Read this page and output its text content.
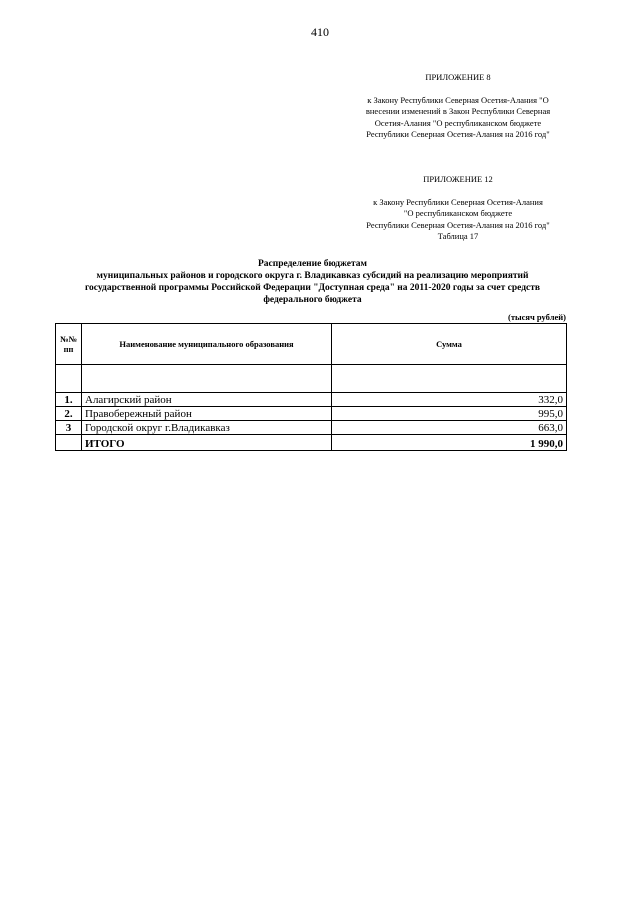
410
ПРИЛОЖЕНИЕ 8
к Закону Республики Северная Осетия-Алания "О
внесении изменений в Закон Республики Северная
Осетия-Алания "О республиканском бюджете
Республики Северная Осетия-Алания на 2016 год"
ПРИЛОЖЕНИЕ 12
к Закону Республики Северная Осетия-Алания
"О республиканском бюджете
Республики Северная Осетия-Алания на 2016 год"
Таблица 17
Распределение бюджетам
муниципальных районов и городского округа г. Владикавказ субсидий на реализацию мероприятий
государственной программы Российской Федерации "Доступная среда" на 2011-2020 годы за счет средств
федерального бюджета
(тысяч рублей)
№№ пп	Наименование муниципального образования	Сумма

1.	Алагирский район	332,0
2.	Правобережный район	995,0
3	Городской округ г.Владикавказ	663,0
	ИТОГО	1 990,0
